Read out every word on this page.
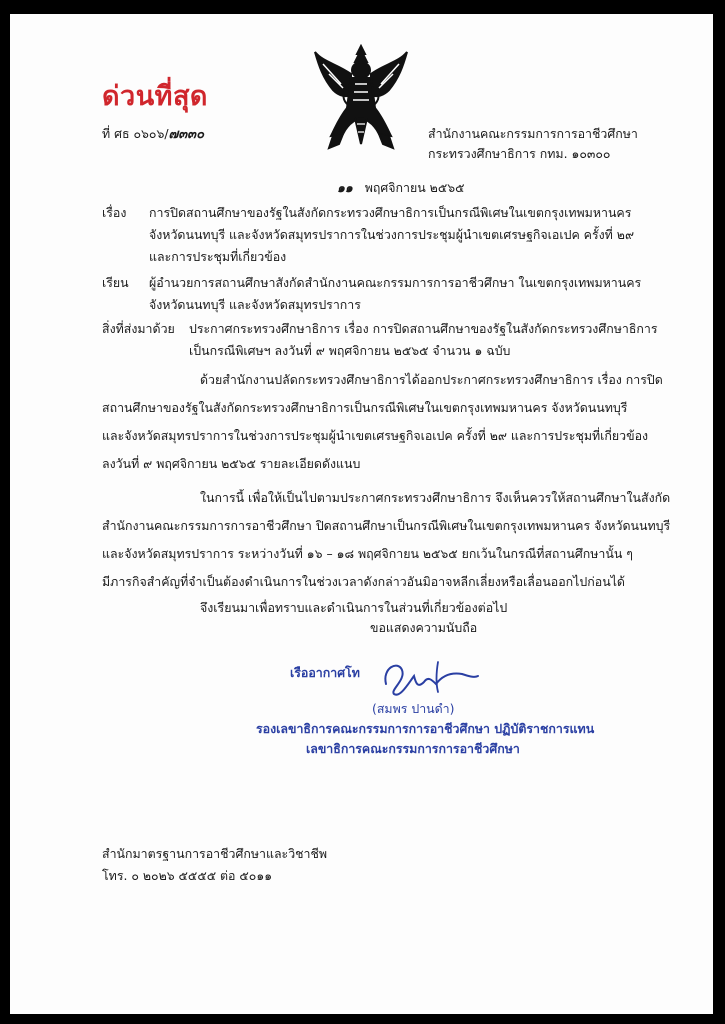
ด่วนที่สุด
ที่ ศธ ๐๖๐๖/๗๓๓๐	สำนักงานคณะกรรมการการอาชีวศึกษา
กระทรวงศึกษาธิการ กทม. ๑๐๓๐๐
๑๑ พฤศจิกายน ๒๕๖๕
เรื่อง การปิดสถานศึกษาของรัฐในสังกัดกระทรวงศึกษาธิการเป็นกรณีพิเศษในเขตกรุงเทพมหานคร
จังหวัดนนทบุรี และจังหวัดสมุทรปราการในช่วงการประชุมผู้นำเขตเศรษฐกิจเอเปค ครั้งที่ ๒๙
และการประชุมที่เกี่ยวข้อง
เรียน ผู้อำนวยการสถานศึกษาสังกัดสำนักงานคณะกรรมการการอาชีวศึกษา ในเขตกรุงเทพมหานคร
จังหวัดนนทบุรี และจังหวัดสมุทรปราการ
สิ่งที่ส่งมาด้วย ประกาศกระทรวงศึกษาธิการ เรื่อง การปิดสถานศึกษาของรัฐในสังกัดกระทรวงศึกษาธิการ
เป็นกรณีพิเศษฯ ลงวันที่ ๙ พฤศจิกายน ๒๕๖๕ จำนวน ๑ ฉบับ
ด้วยสำนักงานปลัดกระทรวงศึกษาธิการได้ออกประกาศกระทรวงศึกษาธิการ เรื่อง การปิด
สถานศึกษาของรัฐในสังกัดกระทรวงศึกษาธิการเป็นกรณีพิเศษในเขตกรุงเทพมหานคร จังหวัดนนทบุรี
และจังหวัดสมุทรปราการในช่วงการประชุมผู้นำเขตเศรษฐกิจเอเปค ครั้งที่ ๒๙ และการประชุมที่เกี่ยวข้อง
ลงวันที่ ๙ พฤศจิกายน ๒๕๖๕ รายละเอียดดังแนบ
ในการนี้ เพื่อให้เป็นไปตามประกาศกระทรวงศึกษาธิการ จึงเห็นควรให้สถานศึกษาในสังกัด
สำนักงานคณะกรรมการการอาชีวศึกษา ปิดสถานศึกษาเป็นกรณีพิเศษในเขตกรุงเทพมหานคร จังหวัดนนทบุรี
และจังหวัดสมุทรปราการ ระหว่างวันที่ ๑๖ – ๑๘ พฤศจิกายน ๒๕๖๕ ยกเว้นในกรณีที่สถานศึกษานั้น ๆ
มีภารกิจสำคัญที่จำเป็นต้องดำเนินการในช่วงเวลาดังกล่าวอันมิอาจหลีกเลี่ยงหรือเลื่อนออกไปก่อนได้
จึงเรียนมาเพื่อทราบและดำเนินการในส่วนที่เกี่ยวข้องต่อไป
ขอแสดงความนับถือ
เรืออากาศโท
(สมพร ปานดำ)
รองเลขาธิการคณะกรรมการการอาชีวศึกษา ปฏิบัติราชการแทน
เลขาธิการคณะกรรมการการอาชีวศึกษา
สำนักมาตรฐานการอาชีวศึกษาและวิชาชีพ
โทร. ๐ ๒๐๒๖ ๕๕๕๕ ต่อ ๕๐๑๑
